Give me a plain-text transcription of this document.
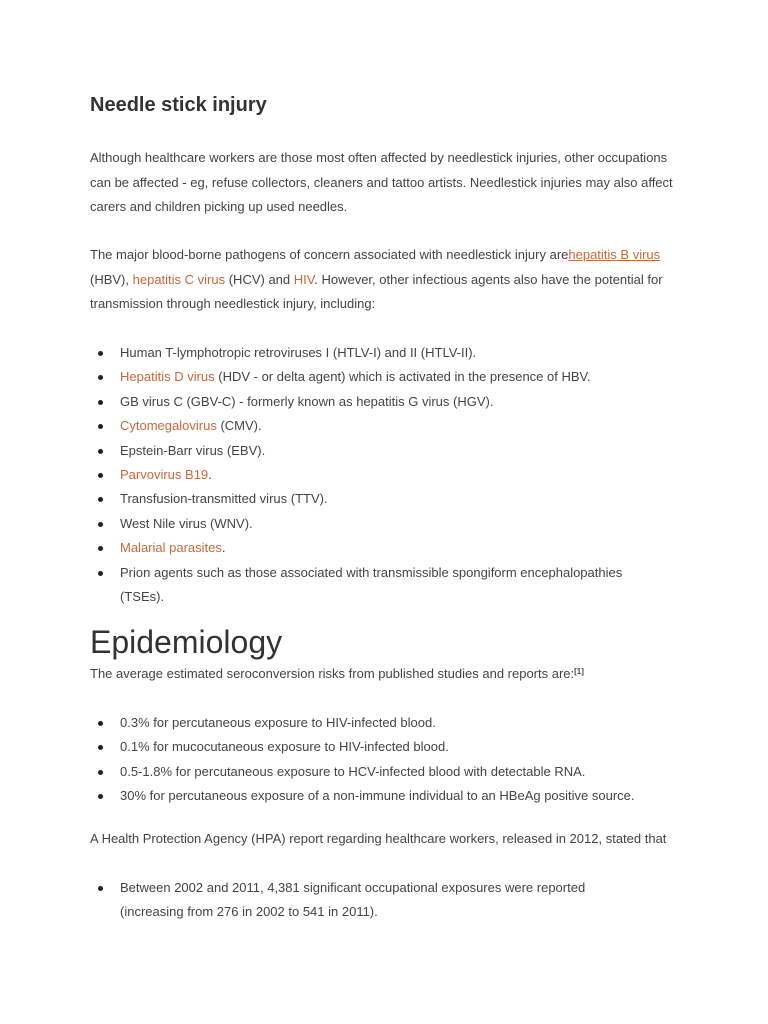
Needle stick injury

Although healthcare workers are those most often affected by needlestick injuries, other occupations can be affected - eg, refuse collectors, cleaners and tattoo artists. Needlestick injuries may also affect carers and children picking up used needles.

The major blood-borne pathogens of concern associated with needlestick injury arehepatitis B virus (HBV), hepatitis C virus (HCV) and HIV. However, other infectious agents also have the potential for transmission through needlestick injury, including:

Human T-lymphotropic retroviruses I (HTLV-I) and II (HTLV-II).
Hepatitis D virus (HDV - or delta agent) which is activated in the presence of HBV.
GB virus C (GBV-C) - formerly known as hepatitis G virus (HGV).
Cytomegalovirus (CMV).
Epstein-Barr virus (EBV).
Parvovirus B19.
Transfusion-transmitted virus (TTV).
West Nile virus (WNV).
Malarial parasites.
Prion agents such as those associated with transmissible spongiform encephalopathies (TSEs).
Epidemiology

The average estimated seroconversion risks from published studies and reports are:[1]

0.3% for percutaneous exposure to HIV-infected blood.
0.1% for mucocutaneous exposure to HIV-infected blood.
0.5-1.8% for percutaneous exposure to HCV-infected blood with detectable RNA.
30% for percutaneous exposure of a non-immune individual to an HBeAg positive source.

A Health Protection Agency (HPA) report regarding healthcare workers, released in 2012, stated that

Between 2002 and 2011, 4,381 significant occupational exposures were reported (increasing from 276 in 2002 to 541 in 2011).
